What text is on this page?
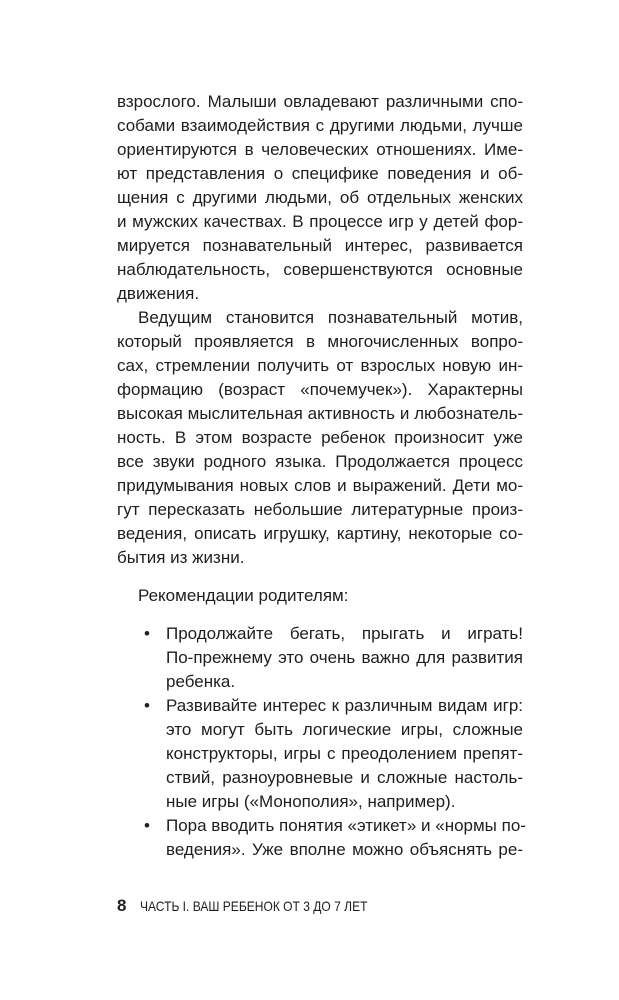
взрослого. Малыши овладевают различными спо-
собами взаимодействия с другими людьми, лучше
ориентируются в человеческих отношениях. Име-
ют представления о специфике поведения и об-
щения с другими людьми, об отдельных женских
и мужских качествах. В процессе игр у детей фор-
мируется познавательный интерес, развивается
наблюдательность, совершенствуются основные
движения.
Ведущим становится познавательный мотив,
который проявляется в многочисленных вопро-
сах, стремлении получить от взрослых новую ин-
формацию (возраст «почемучек»). Характерны
высокая мыслительная активность и любознатель-
ность. В этом возрасте ребенок произносит уже
все звуки родного языка. Продолжается процесс
придумывания новых слов и выражений. Дети мо-
гут пересказать небольшие литературные произ-
ведения, описать игрушку, картину, некоторые со-
бытия из жизни.
Рекомендации родителям:
• Продолжайте бегать, прыгать и играть!
По-прежнему это очень важно для развития
ребенка.
• Развивайте интерес к различным видам игр:
это могут быть логические игры, сложные
конструкторы, игры с преодолением препят-
ствий, разноуровневые и сложные настоль-
ные игры («Монополия», например).
• Пора вводить понятия «этикет» и «нормы по-
ведения». Уже вполне можно объяснять ре-
8 ЧАСТЬ I. ВАШ РЕБЕНОК ОТ 3 ДО 7 ЛЕТ
